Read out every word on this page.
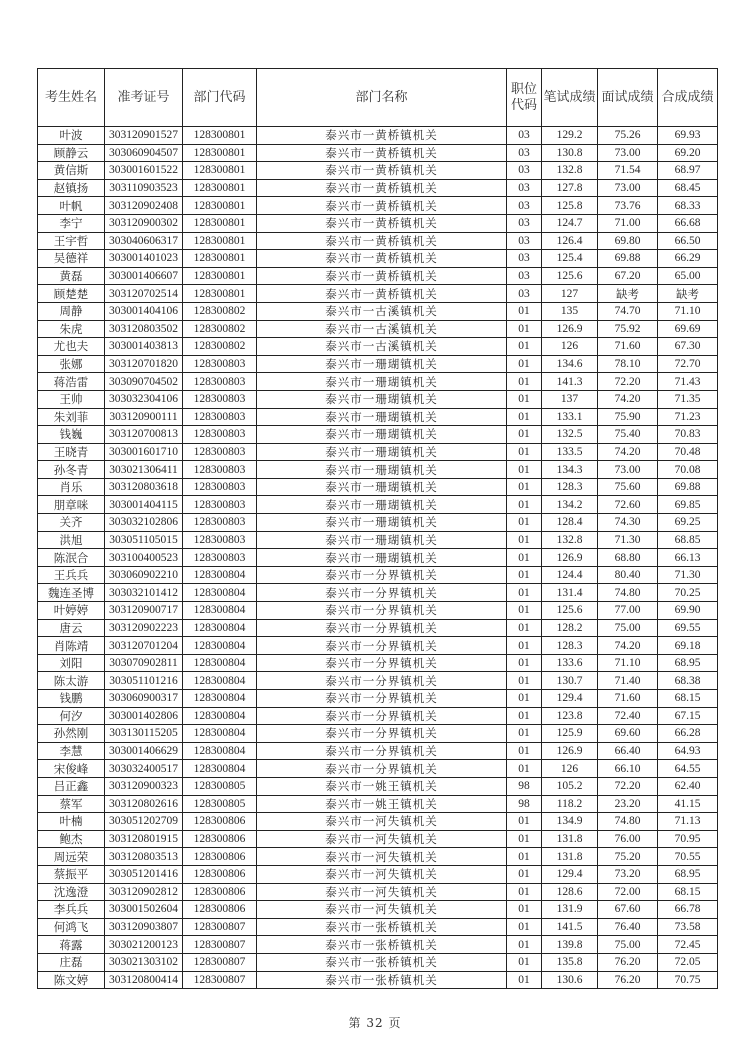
考生姓名	准考证号	部门代码	部门名称	职位代码	笔试成绩	面试成绩	合成成绩
叶波	303120901527	128300801	泰兴市一黄桥镇机关	03	129.2	75.26	69.93
顾静云	303060904507	128300801	泰兴市一黄桥镇机关	03	130.8	73.00	69.20
黄信斯	303001601522	128300801	泰兴市一黄桥镇机关	03	132.8	71.54	68.97
赵镇扬	303110903523	128300801	泰兴市一黄桥镇机关	03	127.8	73.00	68.45
叶帆	303120902408	128300801	泰兴市一黄桥镇机关	03	125.8	73.76	68.33
李宁	303120900302	128300801	泰兴市一黄桥镇机关	03	124.7	71.00	66.68
王宇哲	303040606317	128300801	泰兴市一黄桥镇机关	03	126.4	69.80	66.50
吴德祥	303001401023	128300801	泰兴市一黄桥镇机关	03	125.4	69.88	66.29
黄磊	303001406607	128300801	泰兴市一黄桥镇机关	03	125.6	67.20	65.00
顾楚楚	303120702514	128300801	泰兴市一黄桥镇机关	03	127	缺考	缺考
周静	303001404106	128300802	泰兴市一古溪镇机关	01	135	74.70	71.10
朱虎	303120803502	128300802	泰兴市一古溪镇机关	01	126.9	75.92	69.69
尤也夫	303001403813	128300802	泰兴市一古溪镇机关	01	126	71.60	67.30
张娜	303120701820	128300803	泰兴市一珊瑚镇机关	01	134.6	78.10	72.70
蒋浩雷	303090704502	128300803	泰兴市一珊瑚镇机关	01	141.3	72.20	71.43
王帅	303032304106	128300803	泰兴市一珊瑚镇机关	01	137	74.20	71.35
朱刘菲	303120900111	128300803	泰兴市一珊瑚镇机关	01	133.1	75.90	71.23
钱巍	303120700813	128300803	泰兴市一珊瑚镇机关	01	132.5	75.40	70.83
王晓青	303001601710	128300803	泰兴市一珊瑚镇机关	01	133.5	74.20	70.48
孙冬青	303021306411	128300803	泰兴市一珊瑚镇机关	01	134.3	73.00	70.08
肖乐	303120803618	128300803	泰兴市一珊瑚镇机关	01	128.3	75.60	69.88
朋章咪	303001404115	128300803	泰兴市一珊瑚镇机关	01	134.2	72.60	69.85
关齐	303032102806	128300803	泰兴市一珊瑚镇机关	01	128.4	74.30	69.25
洪旭	303051105015	128300803	泰兴市一珊瑚镇机关	01	132.8	71.30	68.85
陈泯合	303100400523	128300803	泰兴市一珊瑚镇机关	01	126.9	68.80	66.13
王兵兵	303060902210	128300804	泰兴市一分界镇机关	01	124.4	80.40	71.30
魏连圣博	303032101412	128300804	泰兴市一分界镇机关	01	131.4	74.80	70.25
叶婷婷	303120900717	128300804	泰兴市一分界镇机关	01	125.6	77.00	69.90
唐云	303120902223	128300804	泰兴市一分界镇机关	01	128.2	75.00	69.55
肖陈靖	303120701204	128300804	泰兴市一分界镇机关	01	128.3	74.20	69.18
刘阳	303070902811	128300804	泰兴市一分界镇机关	01	133.6	71.10	68.95
陈太游	303051101216	128300804	泰兴市一分界镇机关	01	130.7	71.40	68.38
钱鹏	303060900317	128300804	泰兴市一分界镇机关	01	129.4	71.60	68.15
何汐	303001402806	128300804	泰兴市一分界镇机关	01	123.8	72.40	67.15
孙然刚	303130115205	128300804	泰兴市一分界镇机关	01	125.9	69.60	66.28
李慧	303001406629	128300804	泰兴市一分界镇机关	01	126.9	66.40	64.93
宋俊峰	303032400517	128300804	泰兴市一分界镇机关	01	126	66.10	64.55
吕正鑫	303120900323	128300805	泰兴市一姚王镇机关	98	105.2	72.20	62.40
蔡军	303120802616	128300805	泰兴市一姚王镇机关	98	118.2	23.20	41.15
叶楠	303051202709	128300806	泰兴市一河失镇机关	01	134.9	74.80	71.13
鲍杰	303120801915	128300806	泰兴市一河失镇机关	01	131.8	76.00	70.95
周远荣	303120803513	128300806	泰兴市一河失镇机关	01	131.8	75.20	70.55
蔡振平	303051201416	128300806	泰兴市一河失镇机关	01	129.4	73.20	68.95
沈逸澄	303120902812	128300806	泰兴市一河失镇机关	01	128.6	72.00	68.15
李兵兵	303001502604	128300806	泰兴市一河失镇机关	01	131.9	67.60	66.78
何鸿飞	303120903807	128300807	泰兴市一张桥镇机关	01	141.5	76.40	73.58
蒋露	303021200123	128300807	泰兴市一张桥镇机关	01	139.8	75.00	72.45
庄磊	303021303102	128300807	泰兴市一张桥镇机关	01	135.8	76.20	72.05
陈文婷	303120800414	128300807	泰兴市一张桥镇机关	01	130.6	76.20	70.75
第 32 页
